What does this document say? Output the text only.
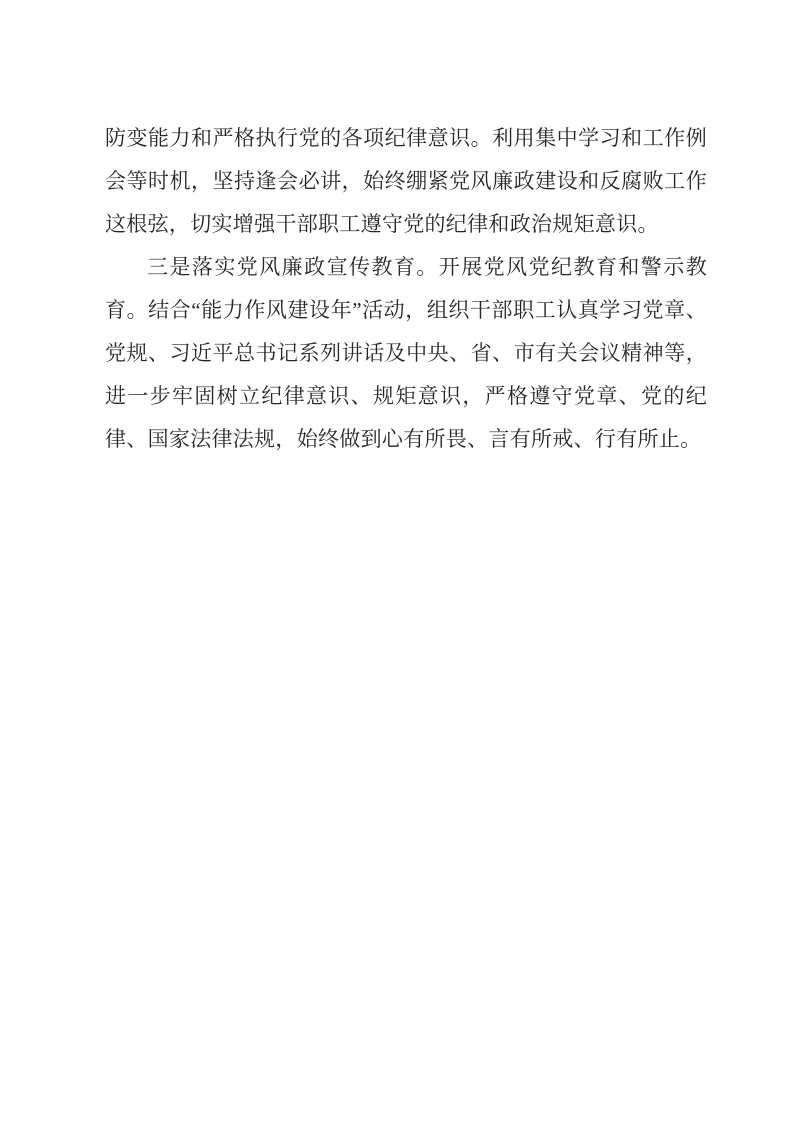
防变能力和严格执行党的各项纪律意识。利用集中学习和工作例会等时机，坚持逢会必讲，始终绷紧党风廉政建设和反腐败工作这根弦，切实增强干部职工遵守党的纪律和政治规矩意识。

三是落实党风廉政宣传教育。开展党风党纪教育和警示教育。结合“能力作风建设年”活动，组织干部职工认真学习党章、党规、习近平总书记系列讲话及中央、省、市有关会议精神等，进一步牢固树立纪律意识、规矩意识，严格遵守党章、党的纪律、国家法律法规，始终做到心有所畏、言有所戒、行有所止。
